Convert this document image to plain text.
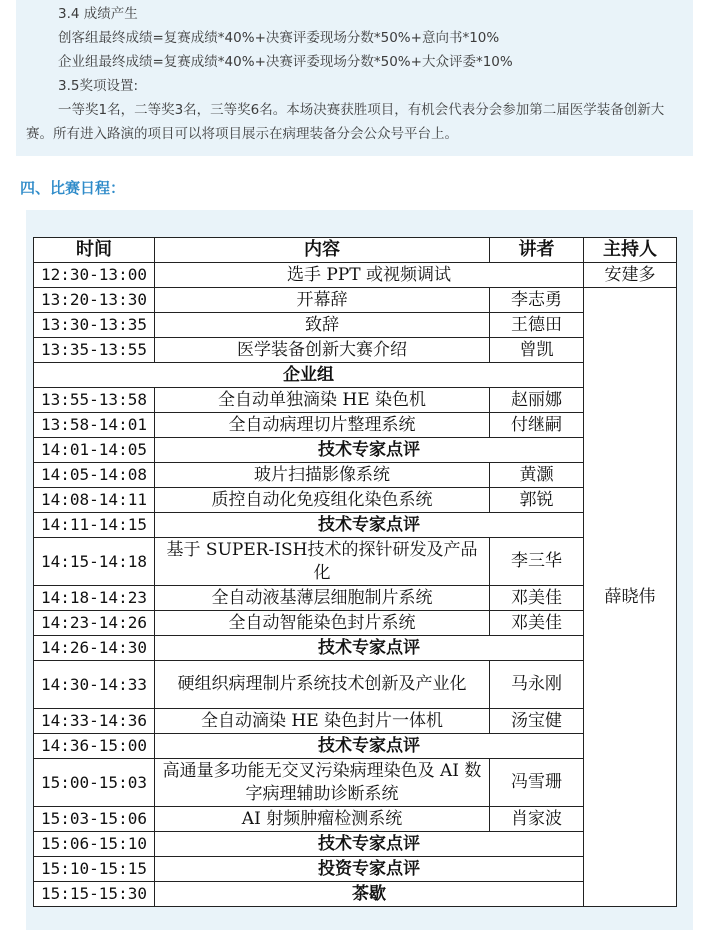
3.4 成绩产生

创客组最终成绩=复赛成绩*40%+决赛评委现场分数*50%+意向书*10%

企业组最终成绩=复赛成绩*40%+决赛评委现场分数*50%+大众评委*10%

3.5奖项设置:

一等奖1名，二等奖3名，三等奖6名。本场决赛获胜项目，有机会代表分会参加第二届医学装备创新大赛。所有进入路演的项目可以将项目展示在病理装备分会公众号平台上。

四、比赛日程：
时间	内容	讲者	主持人
12:30-13:00	选手 PPT 或视频调试		安建多
13:20-13:30	开幕辞	李志勇	薛晓伟
13:30-13:35	致辞	王德田	
13:35-13:55	医学装备创新大赛介绍	曾凯	
企业组			
13:55-13:58	全自动单独滴染 HE 染色机	赵丽娜	
13:58-14:01	全自动病理切片整理系统	付继嗣	
14:01-14:05	技术专家点评		
14:05-14:08	玻片扫描影像系统	黄灏	
14:08-14:11	质控自动化免疫组化染色系统	郭锐	
14:11-14:15	技术专家点评		
14:15-14:18	基于 SUPER-ISH技术的探针研发及产品化	李三华	
14:18-14:23	全自动液基薄层细胞制片系统	邓美佳	
14:23-14:26	全自动智能染色封片系统	邓美佳	
14:26-14:30	技术专家点评		
14:30-14:33	硬组织病理制片系统技术创新及产业化	马永刚	
14:33-14:36	全自动滴染 HE 染色封片一体机	汤宝健	
14:36-15:00	技术专家点评		
15:00-15:03	高通量多功能无交叉污染病理染色及 AI 数字病理辅助诊断系统	冯雪珊	
15:03-15:06	AI 射频肿瘤检测系统	肖家波	
15:06-15:10	技术专家点评		
15:10-15:15	投资专家点评		
15:15-15:30	茶歇		
